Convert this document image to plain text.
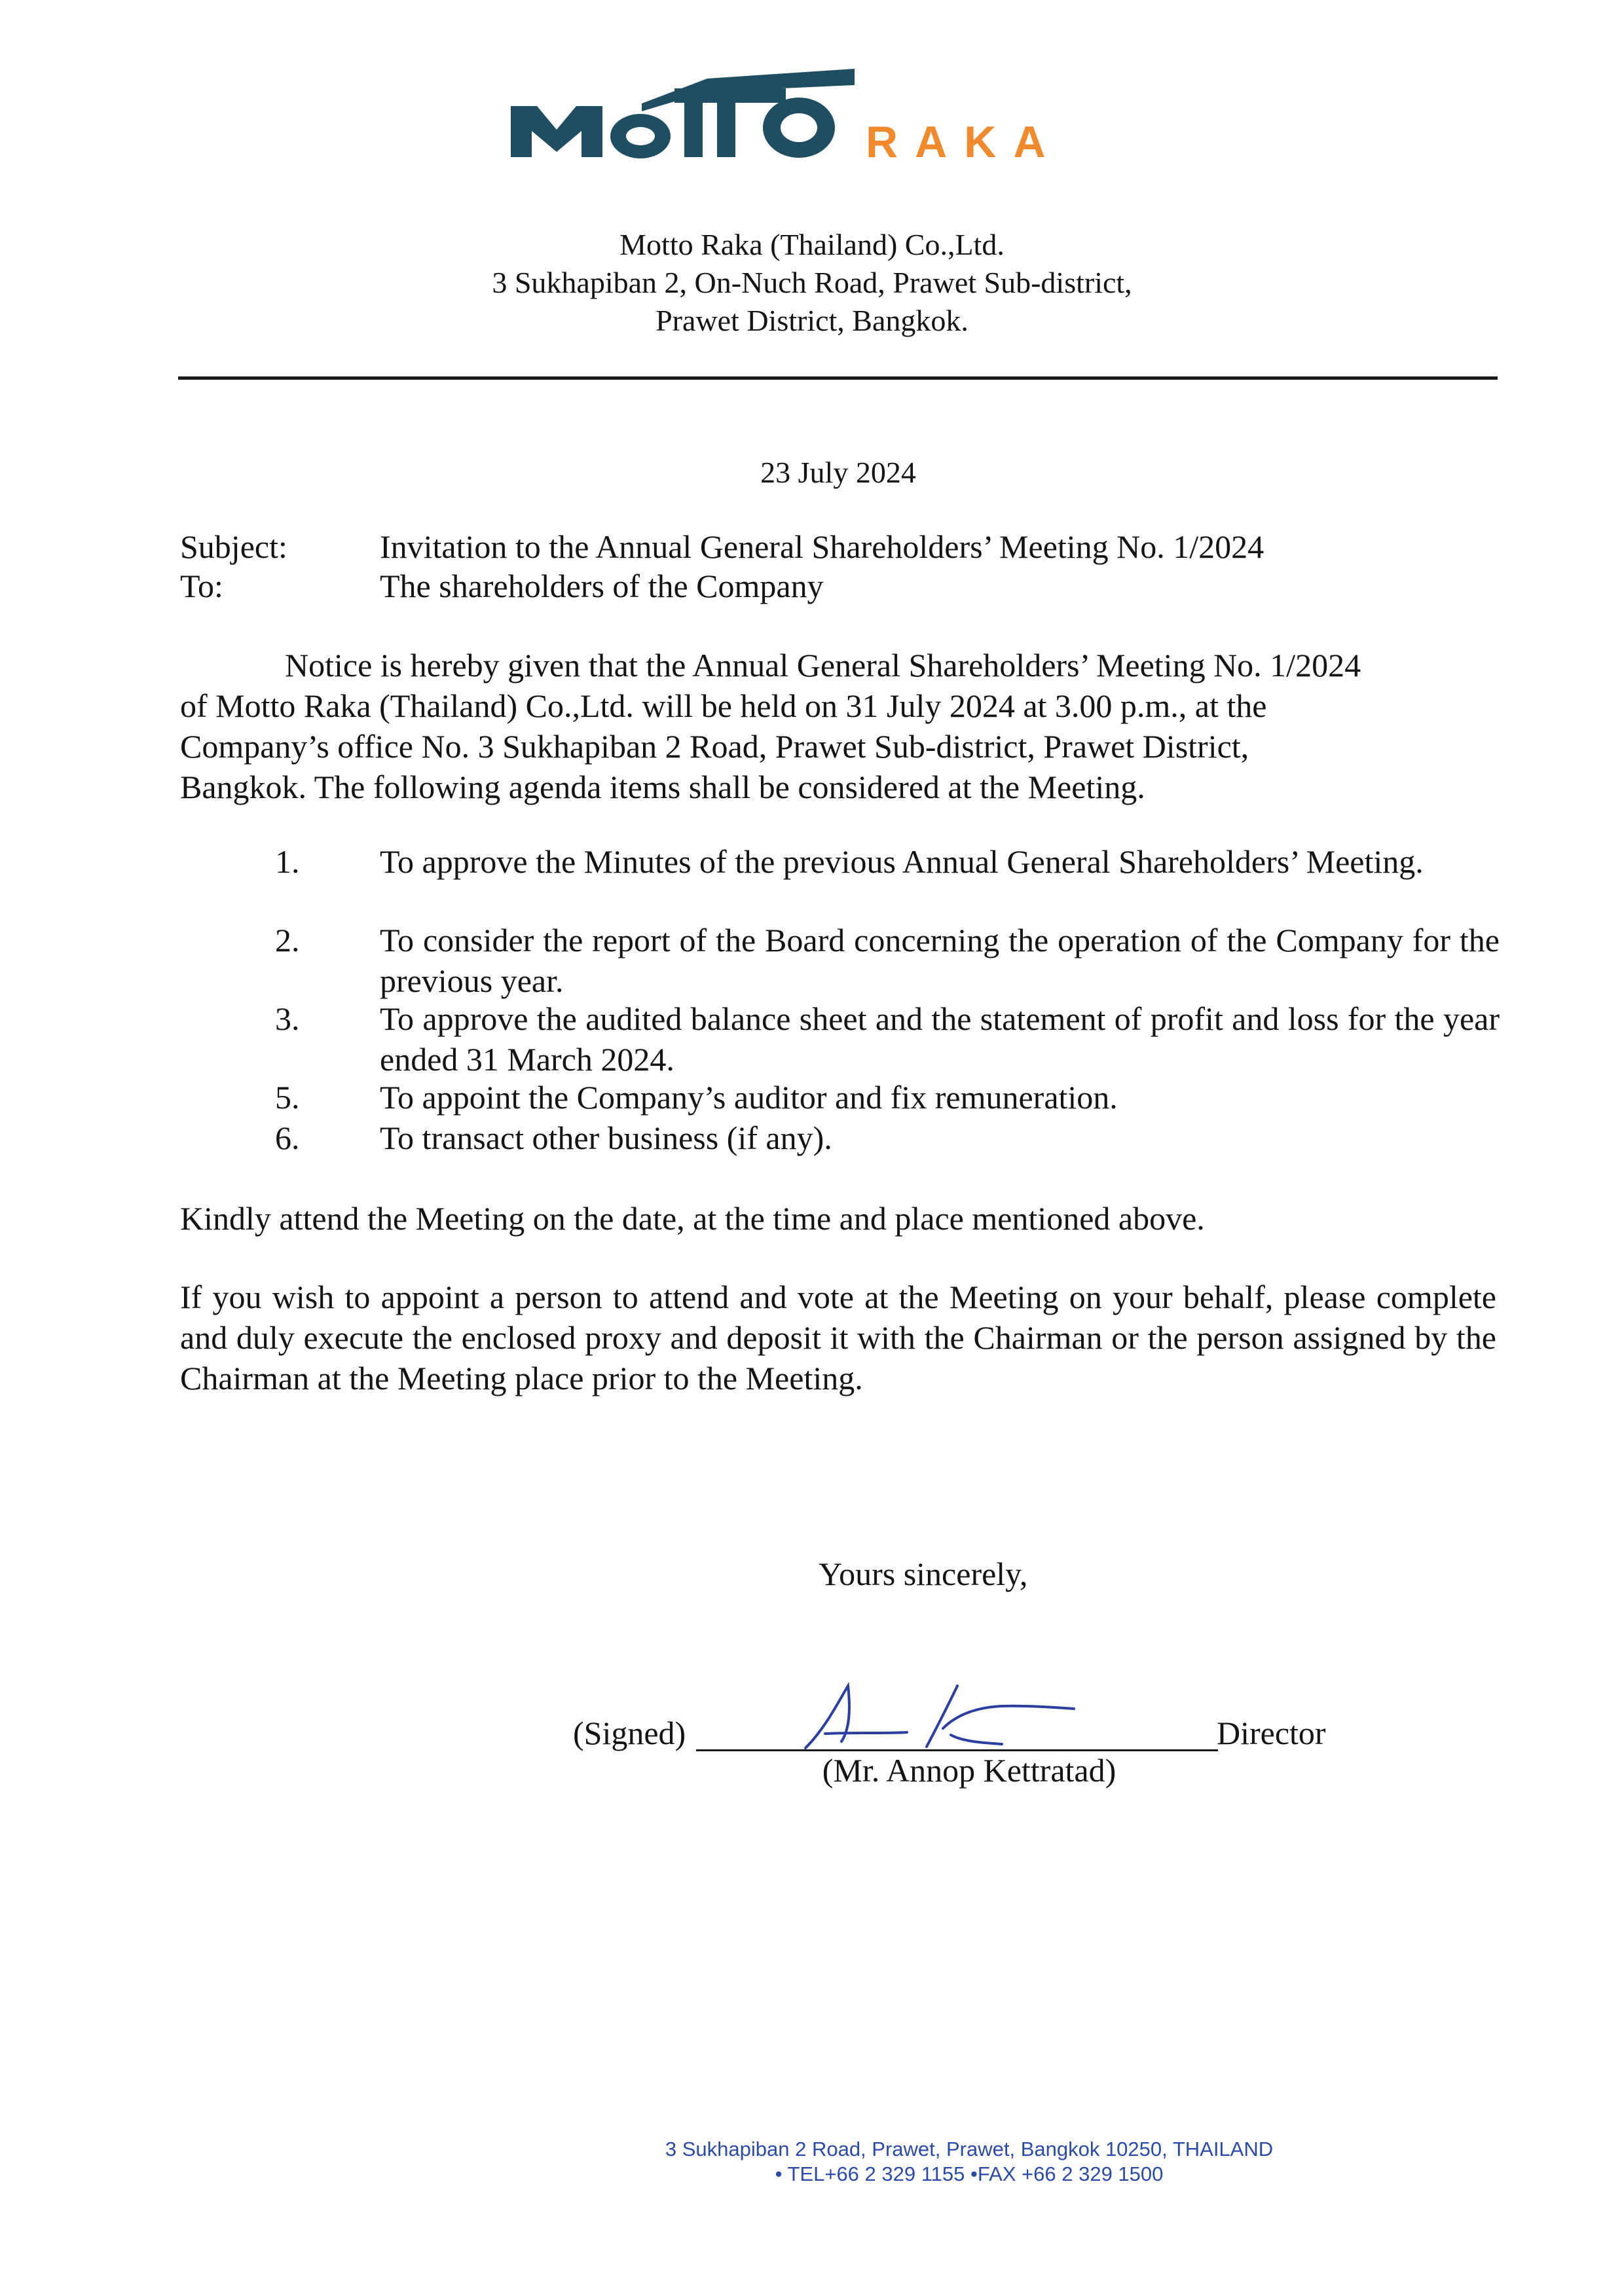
RAKA
Motto Raka (Thailand) Co.,Ltd.
3 Sukhapiban 2, On-Nuch Road, Prawet Sub-district,
Prawet District, Bangkok.
23 July 2024
Subject:	Invitation to the Annual General Shareholders’ Meeting No. 1/2024
To:	The shareholders of the Company
Notice is hereby given that the Annual General Shareholders’ Meeting No. 1/2024
of Motto Raka (Thailand) Co.,Ltd. will be held on 31 July 2024 at 3.00 p.m., at the
Company’s office No. 3 Sukhapiban 2 Road, Prawet Sub-district, Prawet District,
Bangkok. The following agenda items shall be considered at the Meeting.
1.	To approve the Minutes of the previous Annual General Shareholders’ Meeting.
2.	To consider the report of the Board concerning the operation of the Company for the previous year.
3.	To approve the audited balance sheet and the statement of profit and loss for the year ended 31 March 2024.
5.	To appoint the Company’s auditor and fix remuneration.
6.	To transact other business (if any).
Kindly attend the Meeting on the date, at the time and place mentioned above.
If you wish to appoint a person to attend and vote at the Meeting on your behalf, please complete and duly execute the enclosed proxy and deposit it with the Chairman or the person assigned by the Chairman at the Meeting place prior to the Meeting.
Yours sincerely,
(Signed)	Director
(Mr. Annop Kettratad)
3 Sukhapiban 2 Road, Prawet, Prawet, Bangkok 10250, THAILAND
• TEL+66 2 329 1155 •FAX +66 2 329 1500
